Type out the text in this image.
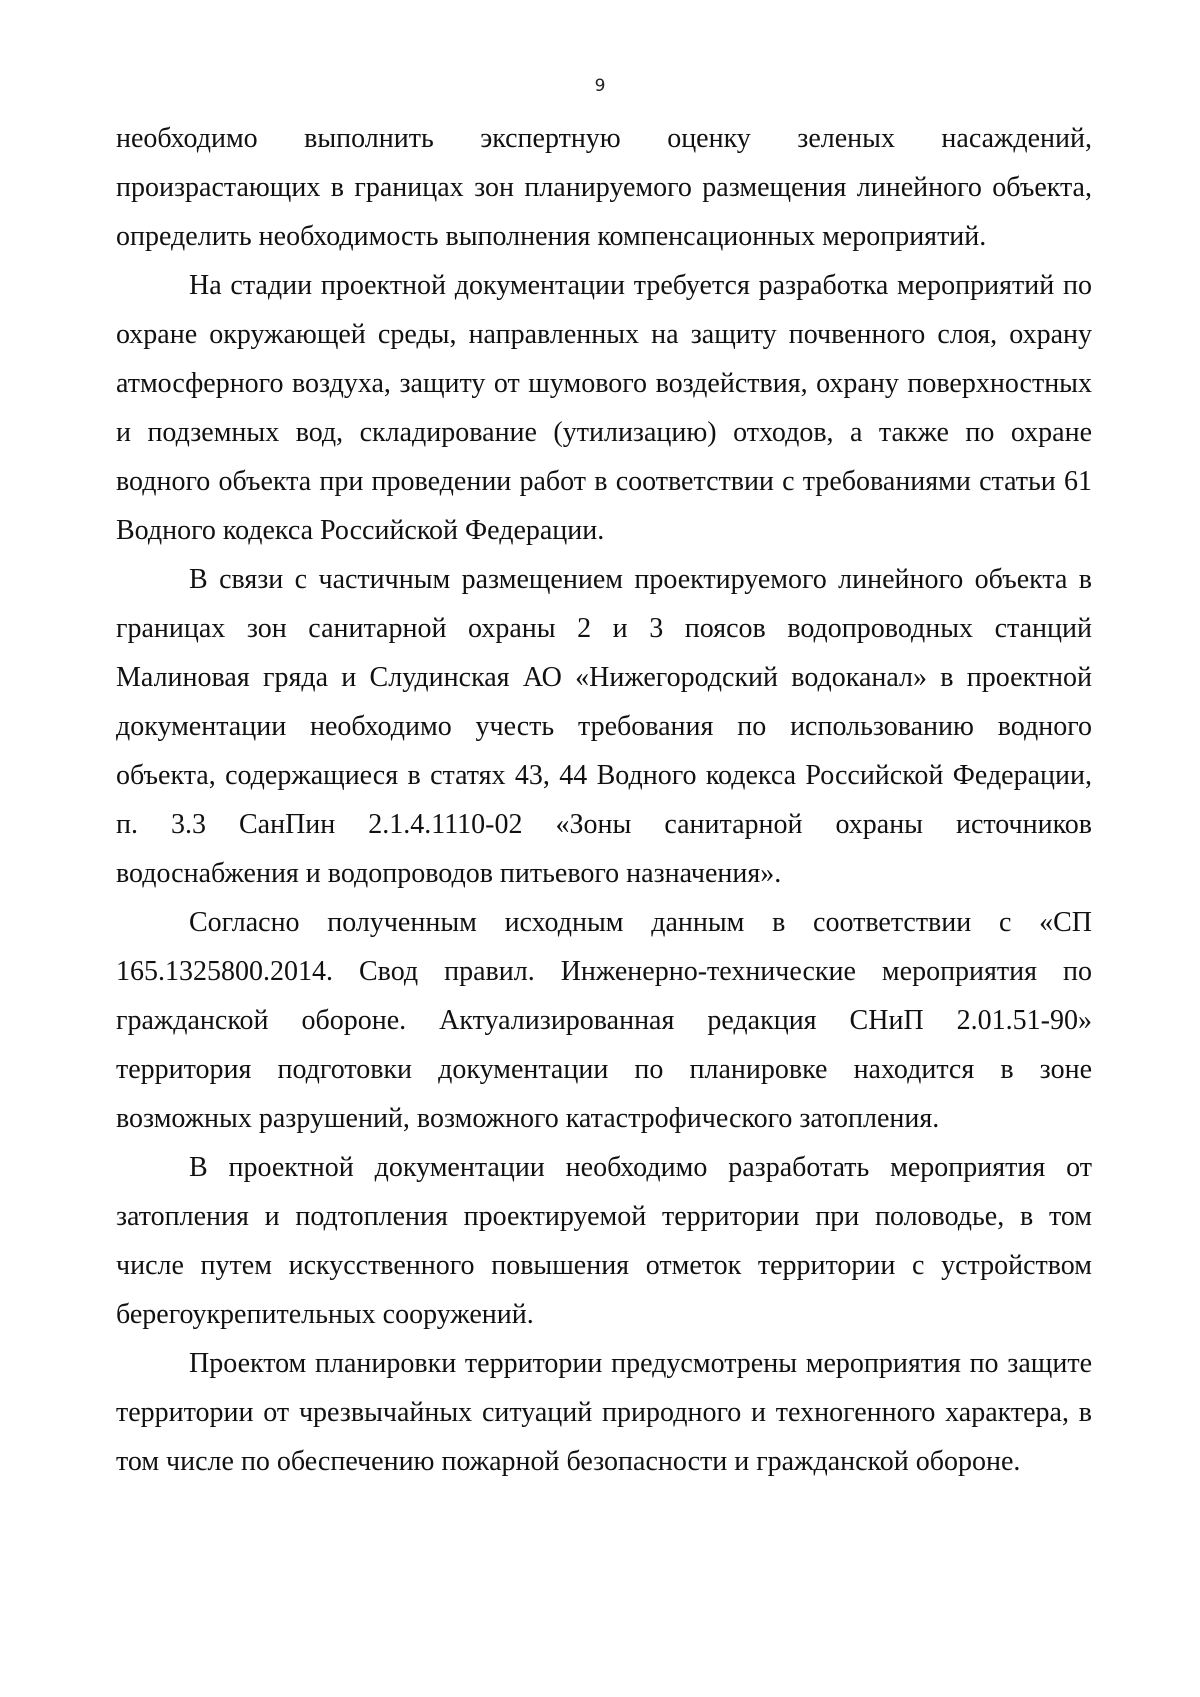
9

необходимо выполнить экспертную оценку зеленых насаждений, произрастающих в границах зон планируемого размещения линейного объекта, определить необходимость выполнения компенсационных мероприятий.

На стадии проектной документации требуется разработка мероприятий по охране окружающей среды, направленных на защиту почвенного слоя, охрану атмосферного воздуха, защиту от шумового воздействия, охрану поверхностных и подземных вод, складирование (утилизацию) отходов, а также по охране водного объекта при проведении работ в соответствии с требованиями статьи 61 Водного кодекса Российской Федерации.

В связи с частичным размещением проектируемого линейного объекта в границах зон санитарной охраны 2 и 3 поясов водопроводных станций Малиновая гряда и Слудинская АО «Нижегородский водоканал» в проектной документации необходимо учесть требования по использованию водного объекта, содержащиеся в статях 43, 44 Водного кодекса Российской Федерации, п. 3.3 СанПин 2.1.4.1110-02 «Зоны санитарной охраны источников водоснабжения и водопроводов питьевого назначения».

Согласно полученным исходным данным в соответствии с «СП 165.1325800.2014. Свод правил. Инженерно-технические мероприятия по гражданской обороне. Актуализированная редакция СНиП 2.01.51-90» территория подготовки документации по планировке находится в зоне возможных разрушений, возможного катастрофического затопления.

В проектной документации необходимо разработать мероприятия от затопления и подтопления проектируемой территории при половодье, в том числе путем искусственного повышения отметок территории с устройством берегоукрепительных сооружений.

Проектом планировки территории предусмотрены мероприятия по защите территории от чрезвычайных ситуаций природного и техногенного характера, в том числе по обеспечению пожарной безопасности и гражданской обороне.
